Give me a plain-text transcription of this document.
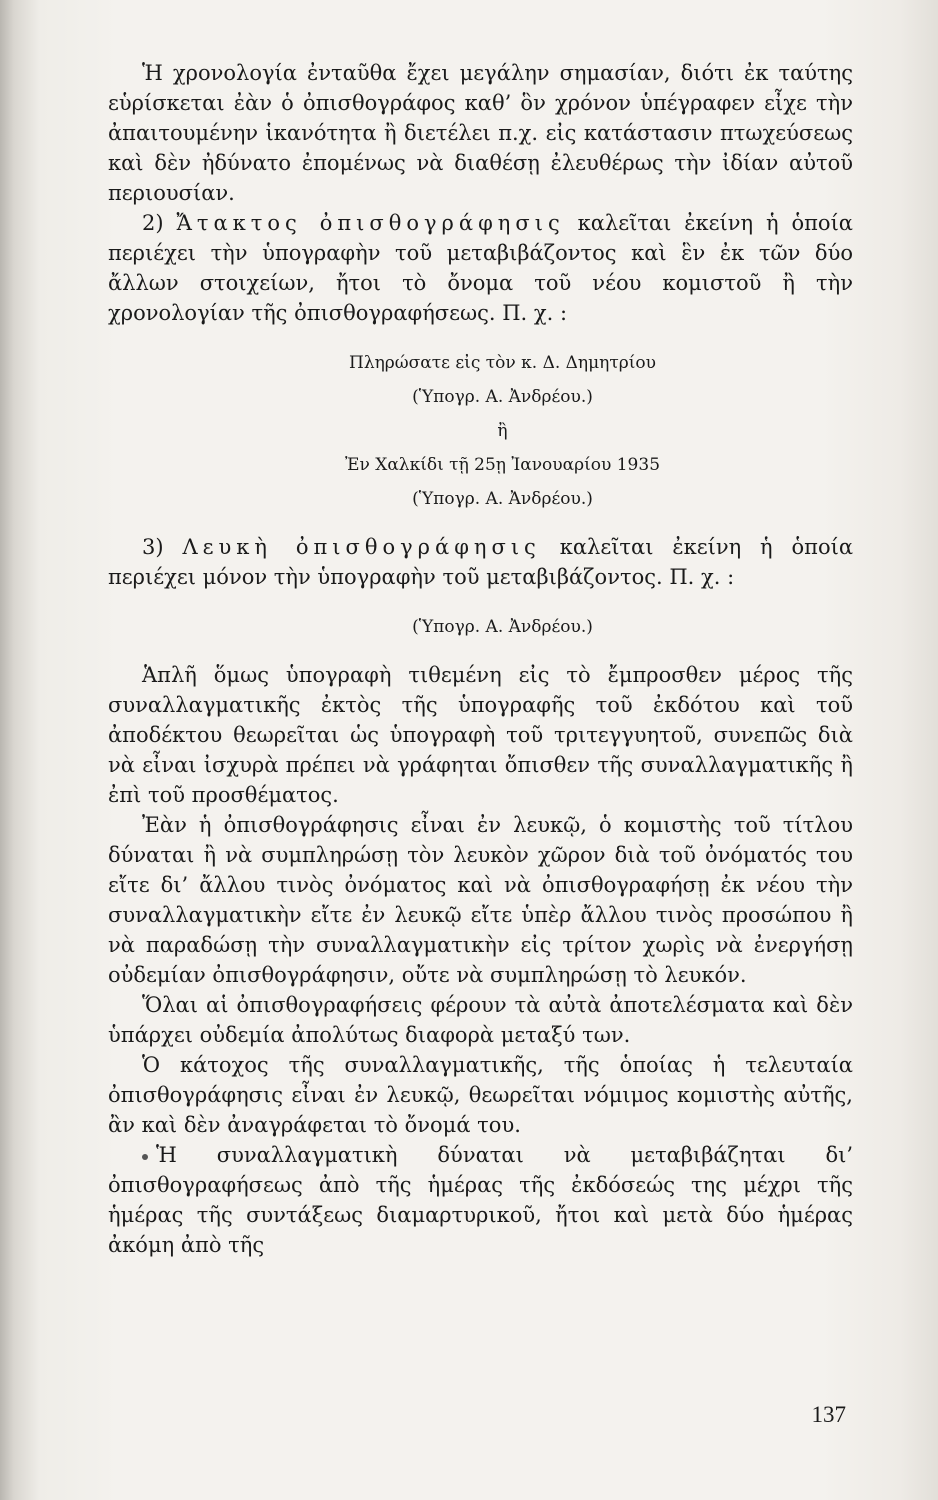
Ἡ χρονολογία ἐνταῦθα ἔχει μεγάλην σημασίαν, διότι ἐκ ταύτης εὑρίσκεται ἐὰν ὁ ὀπισθογράφος καθ’ ὃν χρόνον ὑπέγραφεν εἶχε τὴν ἀπαιτουμένην ἱκανότητα ἢ διετέλει π.χ. εἰς κατάστασιν πτωχεύσεως καὶ δὲν ἠδύνατο ἐπομένως νὰ διαθέσῃ ἐλευθέρως τὴν ἰδίαν αὐτοῦ περιουσίαν.

2) Ἄτακτος ὀπισθογράφησις καλεῖται ἐκείνη ἡ ὁποία περιέχει τὴν ὑπογραφὴν τοῦ μεταβιβάζοντος καὶ ἓν ἐκ τῶν δύο ἄλλων στοιχείων, ἤτοι τὸ ὄνομα τοῦ νέου κομιστοῦ ἢ τὴν χρονολογίαν τῆς ὀπισθογραφήσεως. Π. χ. :

Πληρώσατε εἰς τὸν κ. Δ. Δημητρίου

(Ὑπογρ. Α. Ἀνδρέου.)

ἢ

Ἐν Χαλκίδι τῇ 25ῃ Ἰανουαρίου 1935

(Ὑπογρ. Α. Ἀνδρέου.)

3) Λευκὴ ὀπισθογράφησις καλεῖται ἐκείνη ἡ ὁποία περιέχει μόνον τὴν ὑπογραφὴν τοῦ μεταβιβάζοντος. Π. χ. :

(Ὑπογρ. Α. Ἀνδρέου.)

Ἁπλῆ ὅμως ὑπογραφὴ τιθεμένη εἰς τὸ ἔμπροσθεν μέρος τῆς συναλλαγματικῆς ἐκτὸς τῆς ὑπογραφῆς τοῦ ἐκδότου καὶ τοῦ ἀποδέκτου θεωρεῖται ὡς ὑπογραφὴ τοῦ τριτεγγυητοῦ, συνεπῶς διὰ νὰ εἶναι ἰσχυρὰ πρέπει νὰ γράφηται ὄπισθεν τῆς συναλλαγματικῆς ἢ ἐπὶ τοῦ προσθέματος.

Ἐὰν ἡ ὀπισθογράφησις εἶναι ἐν λευκῷ, ὁ κομιστὴς τοῦ τίτλου δύναται ἢ νὰ συμπληρώσῃ τὸν λευκὸν χῶρον διὰ τοῦ ὀνόματός του εἴτε δι’ ἄλλου τινὸς ὀνόματος καὶ νὰ ὀπισθογραφήσῃ ἐκ νέου τὴν συναλλαγματικὴν εἴτε ἐν λευκῷ εἴτε ὑπὲρ ἄλλου τινὸς προσώπου ἢ νὰ παραδώσῃ τὴν συναλλαγματικὴν εἰς τρίτον χωρὶς νὰ ἐνεργήσῃ οὐδεμίαν ὀπισθογράφησιν, οὔτε νὰ συμπληρώσῃ τὸ λευκόν.

Ὅλαι αἱ ὀπισθογραφήσεις φέρουν τὰ αὐτὰ ἀποτελέσματα καὶ δὲν ὑπάρχει οὐδεμία ἀπολύτως διαφορὰ μεταξύ των.

Ὁ κάτοχος τῆς συναλλαγματικῆς, τῆς ὁποίας ἡ τελευταία ὀπισθογράφησις εἶναι ἐν λευκῷ, θεωρεῖται νόμιμος κομιστὴς αὐτῆς, ἂν καὶ δὲν ἀναγράφεται τὸ ὄνομά του.

Ἡ συναλλαγματικὴ δύναται νὰ μεταβιβάζηται δι’ ὀπισθογραφήσεως ἀπὸ τῆς ἡμέρας τῆς ἐκδόσεώς της μέχρι τῆς ἡμέρας τῆς συντάξεως διαμαρτυρικοῦ, ἤτοι καὶ μετὰ δύο ἡμέρας ἀκόμη ἀπὸ τῆς

137
